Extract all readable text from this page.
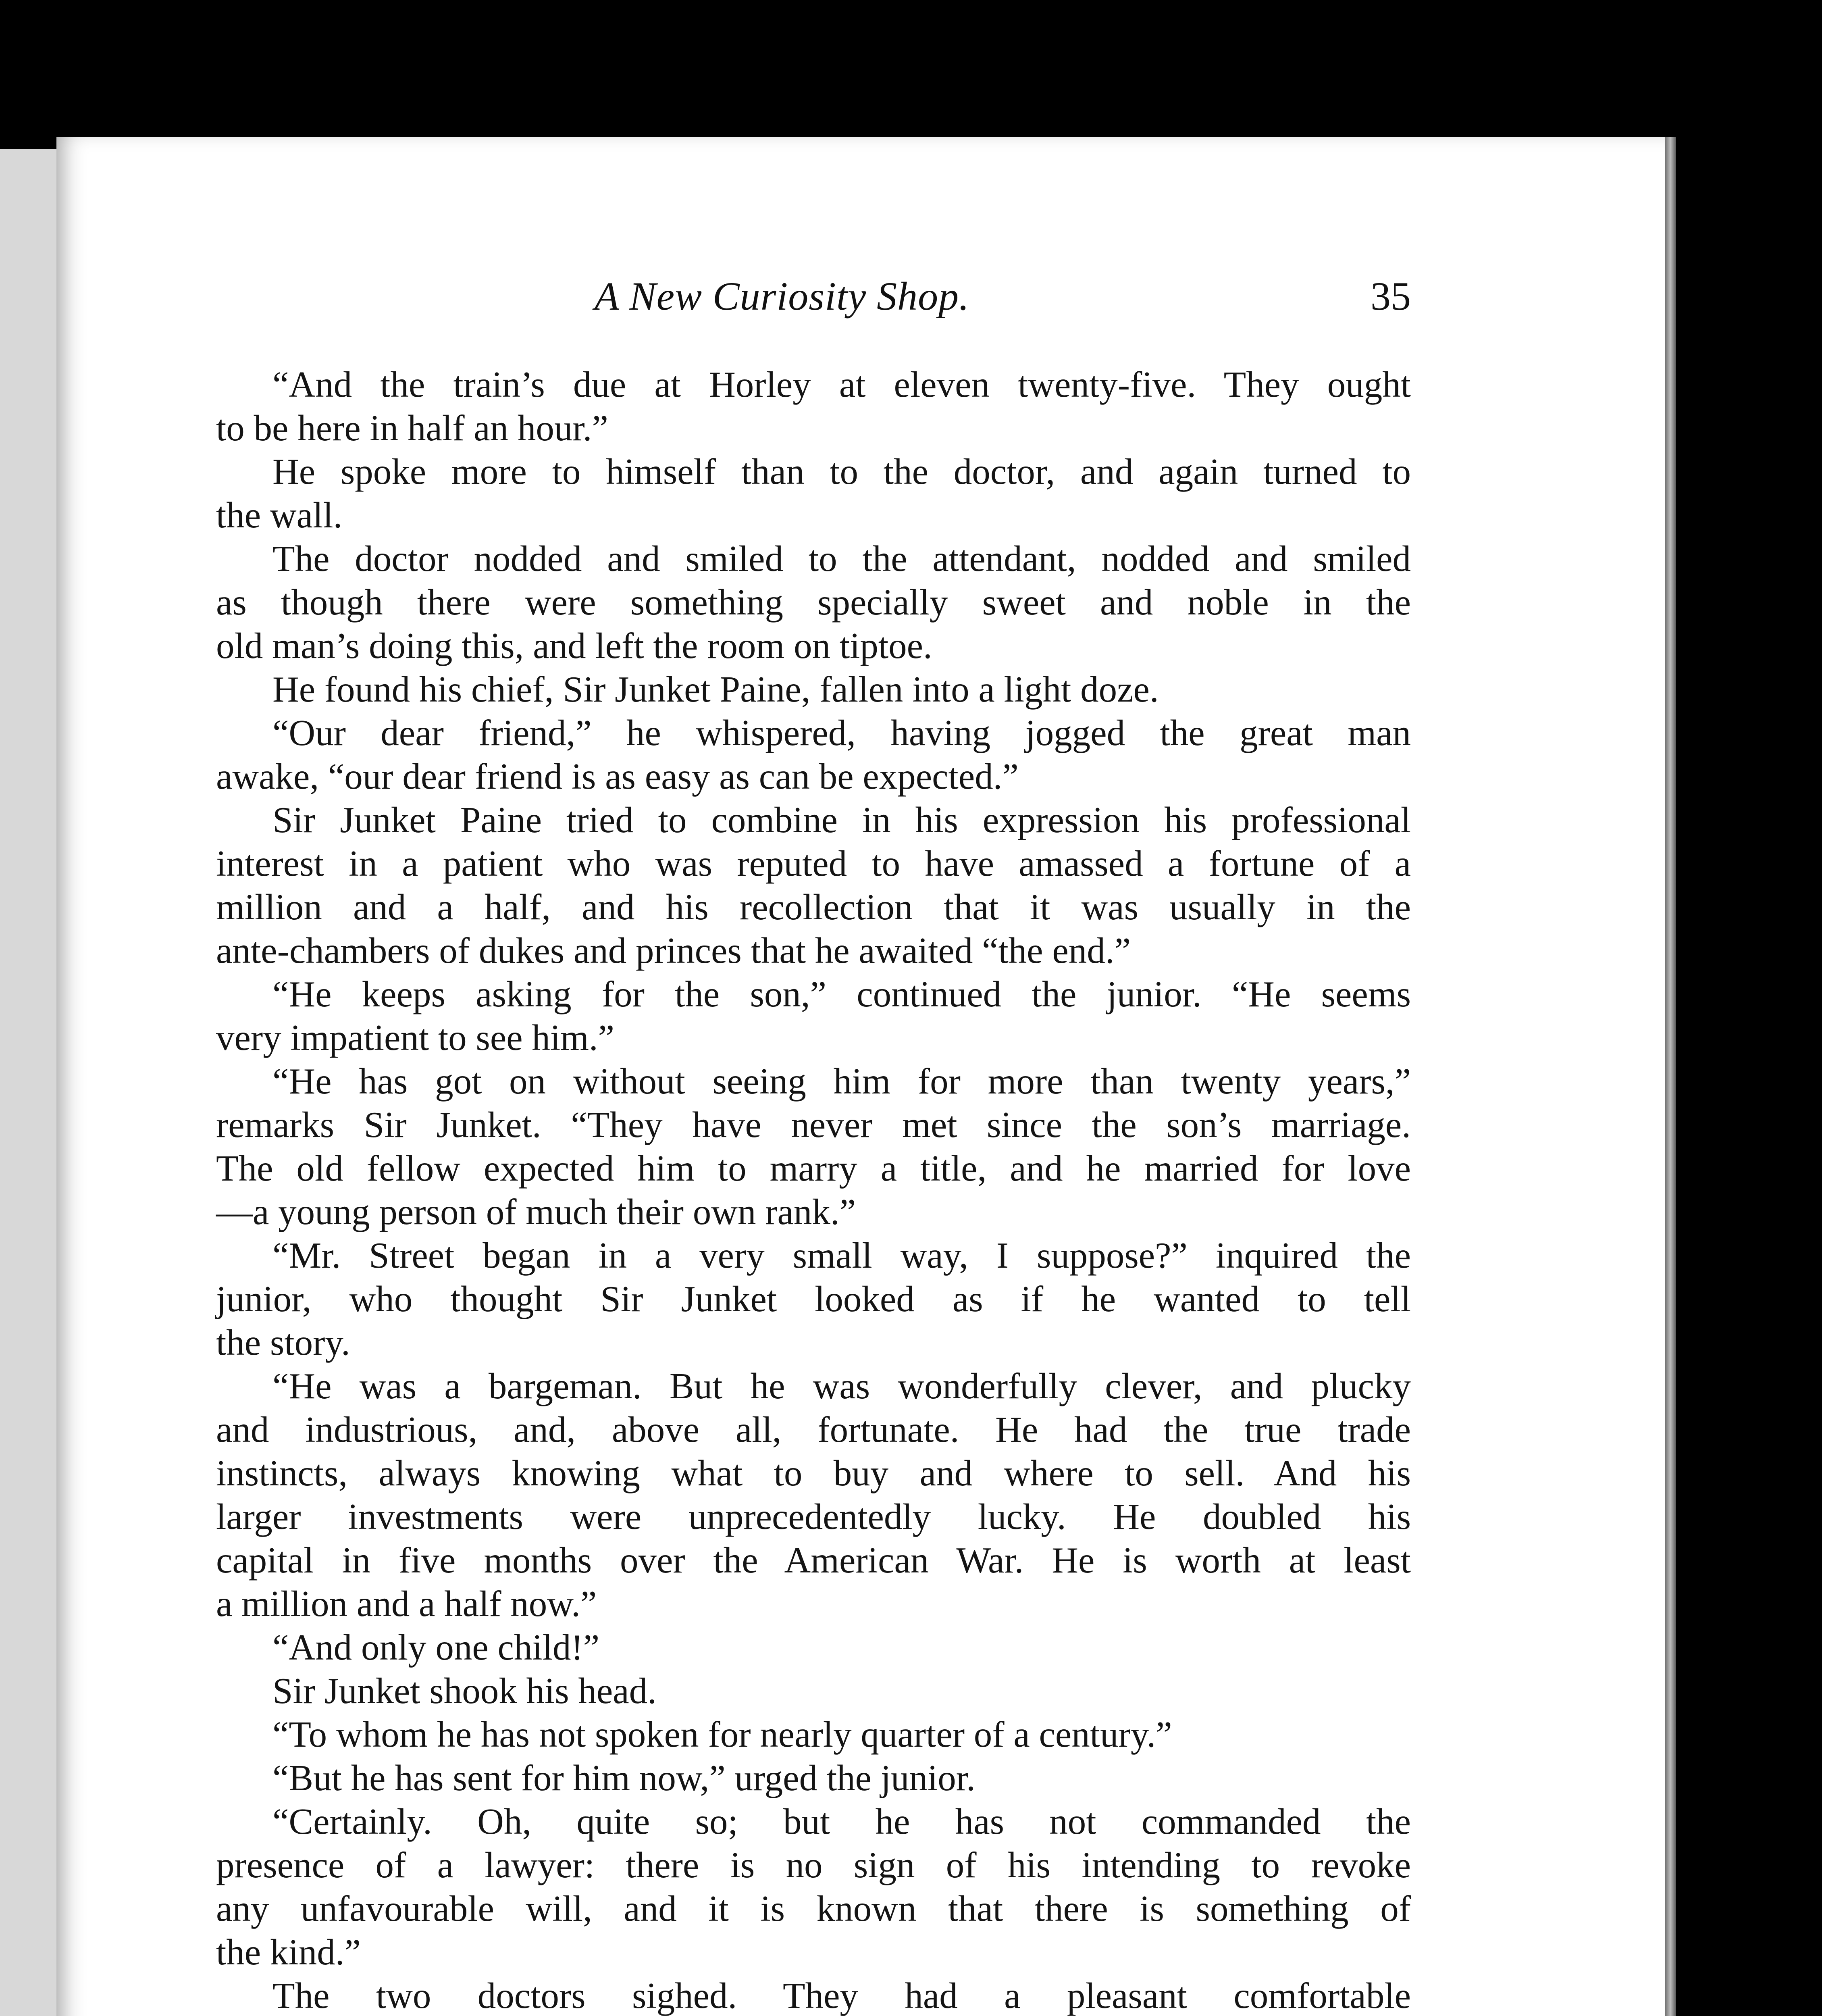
A New Curiosity Shop.	35
“And the train’s due at Horley at eleven twenty-five. They ought
to be here in half an hour.”
He spoke more to himself than to the doctor, and again turned to
the wall.
The doctor nodded and smiled to the attendant, nodded and smiled
as though there were something specially sweet and noble in the
old man’s doing this, and left the room on tiptoe.
He found his chief, Sir Junket Paine, fallen into a light doze.
“Our dear friend,” he whispered, having jogged the great man
awake, “our dear friend is as easy as can be expected.”
Sir Junket Paine tried to combine in his expression his professional
interest in a patient who was reputed to have amassed a fortune of a
million and a half, and his recollection that it was usually in the
ante-chambers of dukes and princes that he awaited “the end.”
“He keeps asking for the son,” continued the junior. “He seems
very impatient to see him.”
“He has got on without seeing him for more than twenty years,”
remarks Sir Junket. “They have never met since the son’s marriage.
The old fellow expected him to marry a title, and he married for love
—a young person of much their own rank.”
“Mr. Street began in a very small way, I suppose?” inquired the
junior, who thought Sir Junket looked as if he wanted to tell
the story.
“He was a bargeman. But he was wonderfully clever, and plucky
and industrious, and, above all, fortunate. He had the true trade
instincts, always knowing what to buy and where to sell. And his
larger investments were unprecedentedly lucky. He doubled his
capital in five months over the American War. He is worth at least
a million and a half now.”
“And only one child!”
Sir Junket shook his head.
“To whom he has not spoken for nearly quarter of a century.”
“But he has sent for him now,” urged the junior.
“Certainly. Oh, quite so; but he has not commanded the
presence of a lawyer: there is no sign of his intending to revoke
any unfavourable will, and it is known that there is something of
the kind.”
The two doctors sighed. They had a pleasant comfortable
